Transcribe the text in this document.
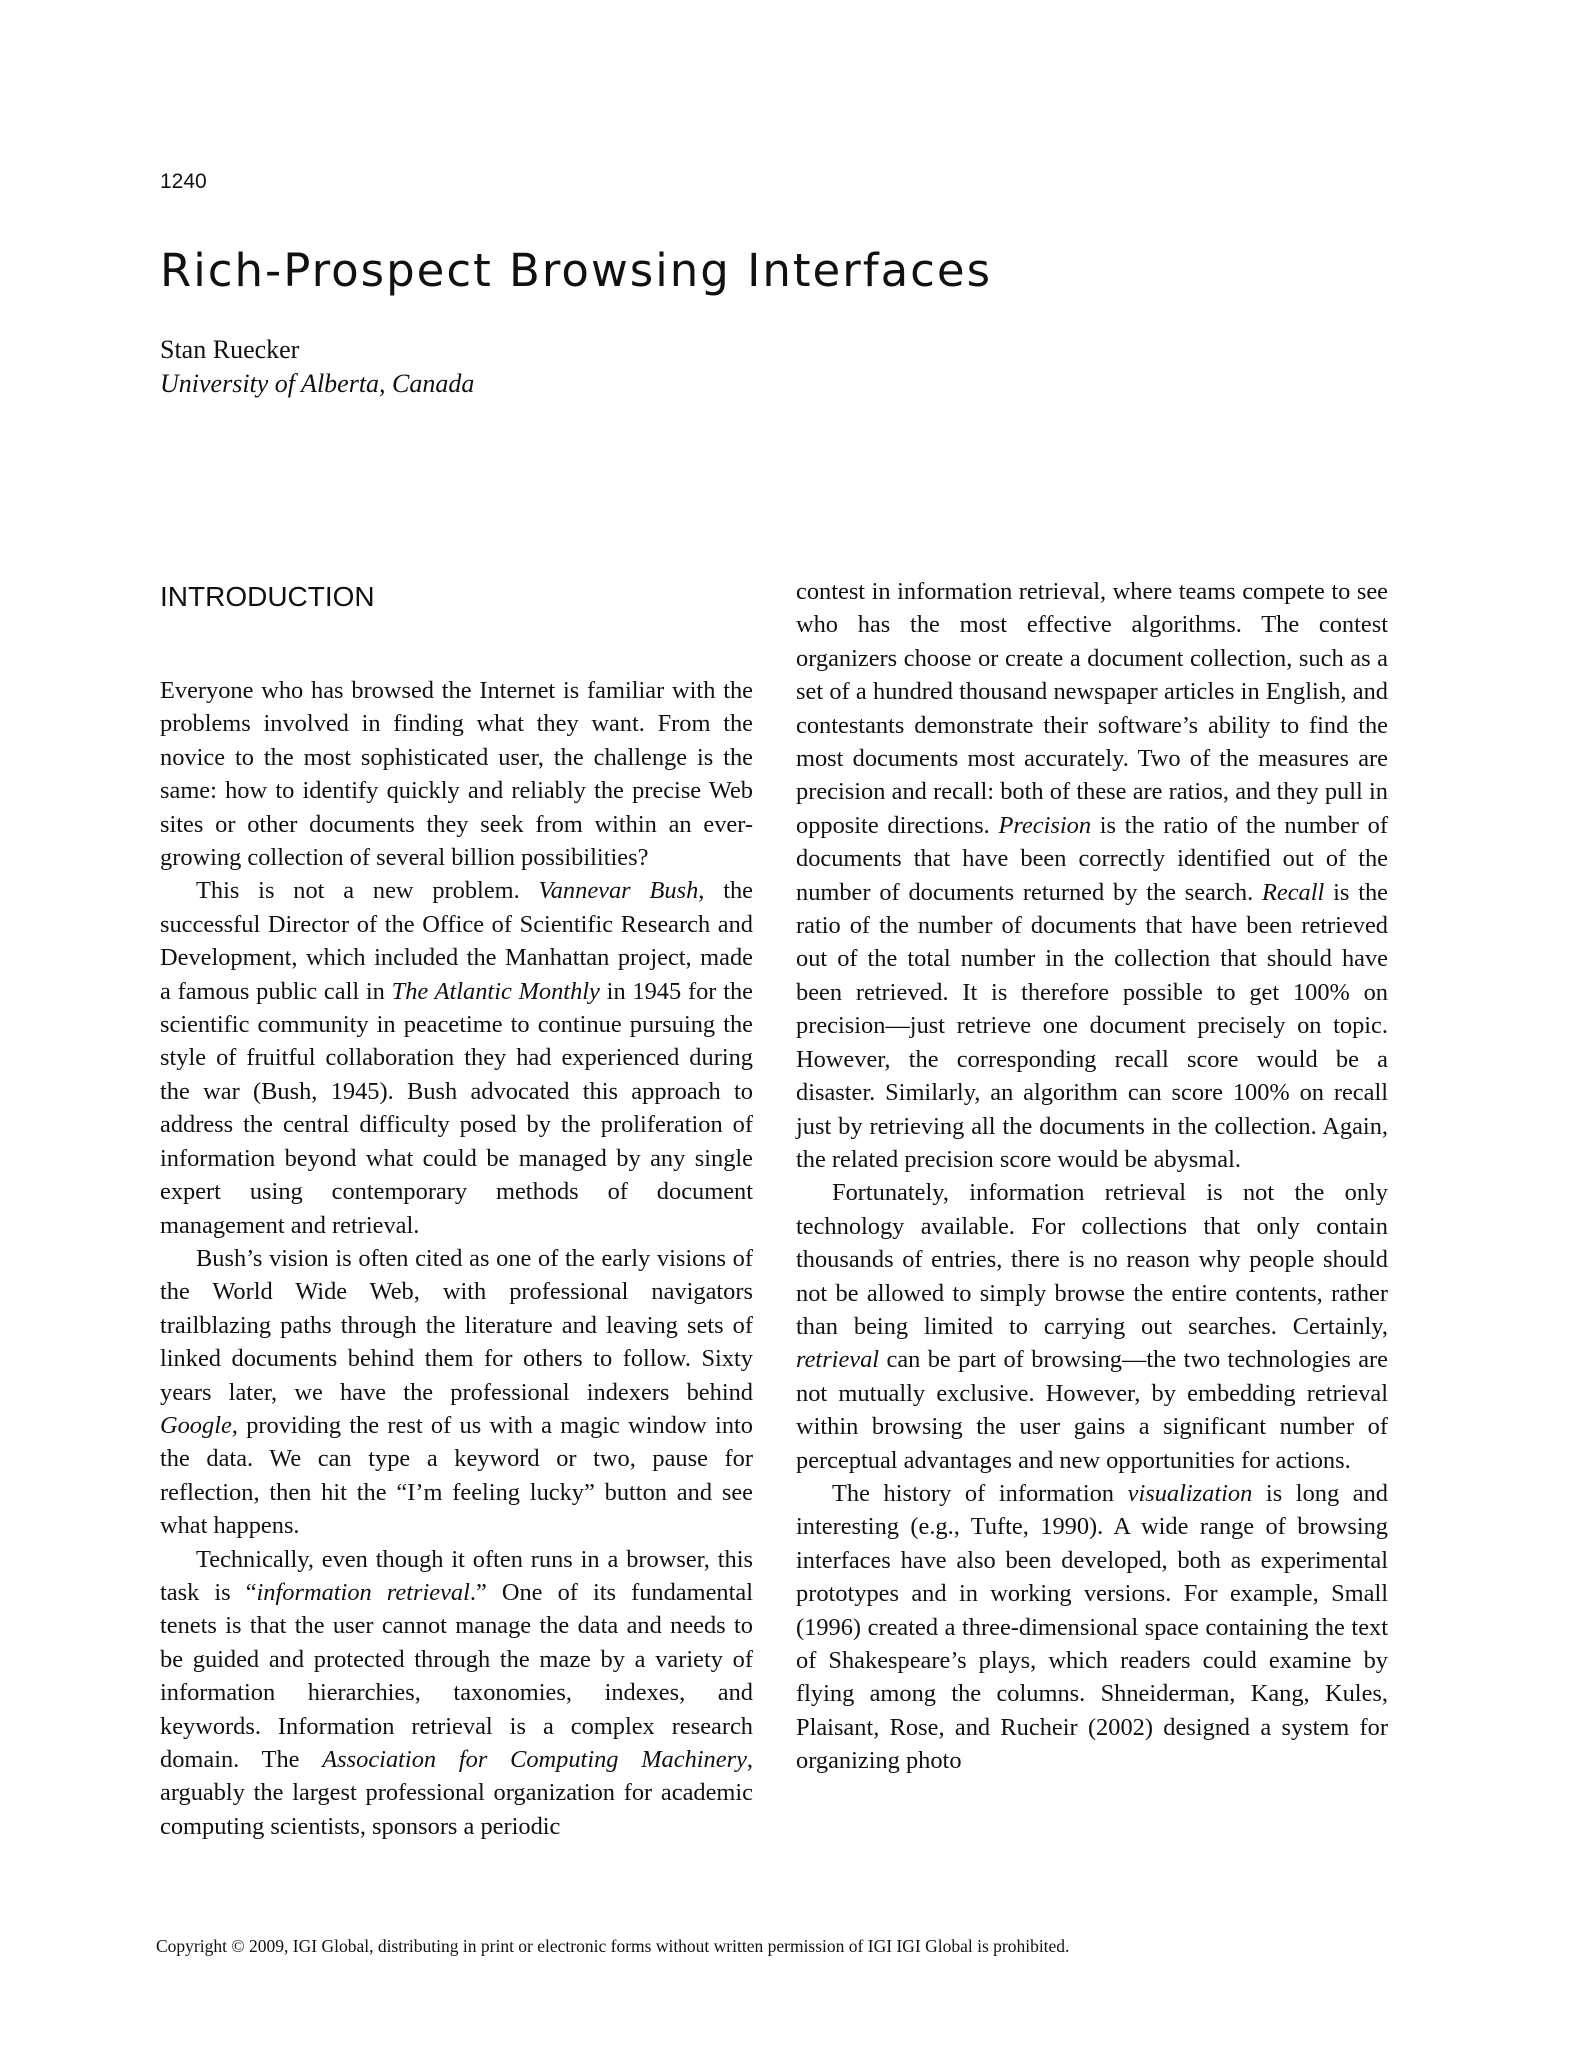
1240
Rich-Prospect Browsing Interfaces
Stan Ruecker
University of Alberta, Canada
INTRODUCTION

Everyone who has browsed the Internet is familiar with the problems involved in finding what they want. From the novice to the most sophisticated user, the challenge is the same: how to identify quickly and reliably the precise Web sites or other documents they seek from within an ever-growing collection of several billion possibilities?

This is not a new problem. Vannevar Bush, the successful Director of the Office of Scientific Research and Development, which included the Manhattan project, made a famous public call in The Atlantic Monthly in 1945 for the scientific community in peacetime to continue pursuing the style of fruitful collaboration they had experienced during the war (Bush, 1945). Bush advocated this approach to address the central difficulty posed by the proliferation of information beyond what could be managed by any single expert using contemporary methods of document management and retrieval.

Bush’s vision is often cited as one of the early visions of the World Wide Web, with professional navigators trailblazing paths through the literature and leaving sets of linked documents behind them for others to follow. Sixty years later, we have the professional indexers behind Google, providing the rest of us with a magic window into the data. We can type a keyword or two, pause for reflection, then hit the “I’m feeling lucky” button and see what happens.

Technically, even though it often runs in a browser, this task is “information retrieval.” One of its fundamental tenets is that the user cannot manage the data and needs to be guided and protected through the maze by a variety of information hierarchies, taxonomies, indexes, and keywords. Information retrieval is a complex research domain. The Association for Computing Machinery, arguably the largest professional organization for academic computing scientists, sponsors a periodic

contest in information retrieval, where teams compete to see who has the most effective algorithms. The contest organizers choose or create a document collection, such as a set of a hundred thousand newspaper articles in English, and contestants demonstrate their software’s ability to find the most documents most accurately. Two of the measures are precision and recall: both of these are ratios, and they pull in opposite directions. Precision is the ratio of the number of documents that have been correctly identified out of the number of documents returned by the search. Recall is the ratio of the number of documents that have been retrieved out of the total number in the collection that should have been retrieved. It is therefore possible to get 100% on precision—just retrieve one document precisely on topic. However, the corresponding recall score would be a disaster. Similarly, an algorithm can score 100% on recall just by retrieving all the documents in the collection. Again, the related precision score would be abysmal.

Fortunately, information retrieval is not the only technology available. For collections that only contain thousands of entries, there is no reason why people should not be allowed to simply browse the entire contents, rather than being limited to carrying out searches. Certainly, retrieval can be part of browsing—the two technologies are not mutually exclusive. However, by embedding retrieval within browsing the user gains a significant number of perceptual advantages and new opportunities for actions.

The history of information visualization is long and interesting (e.g., Tufte, 1990). A wide range of browsing interfaces have also been developed, both as experimental prototypes and in working versions. For example, Small (1996) created a three-dimensional space containing the text of Shakespeare’s plays, which readers could examine by flying among the columns. Shneiderman, Kang, Kules, Plaisant, Rose, and Rucheir (2002) designed a system for organizing photo

Copyright © 2009, IGI Global, distributing in print or electronic forms without written permission of IGI IGI Global is prohibited.
